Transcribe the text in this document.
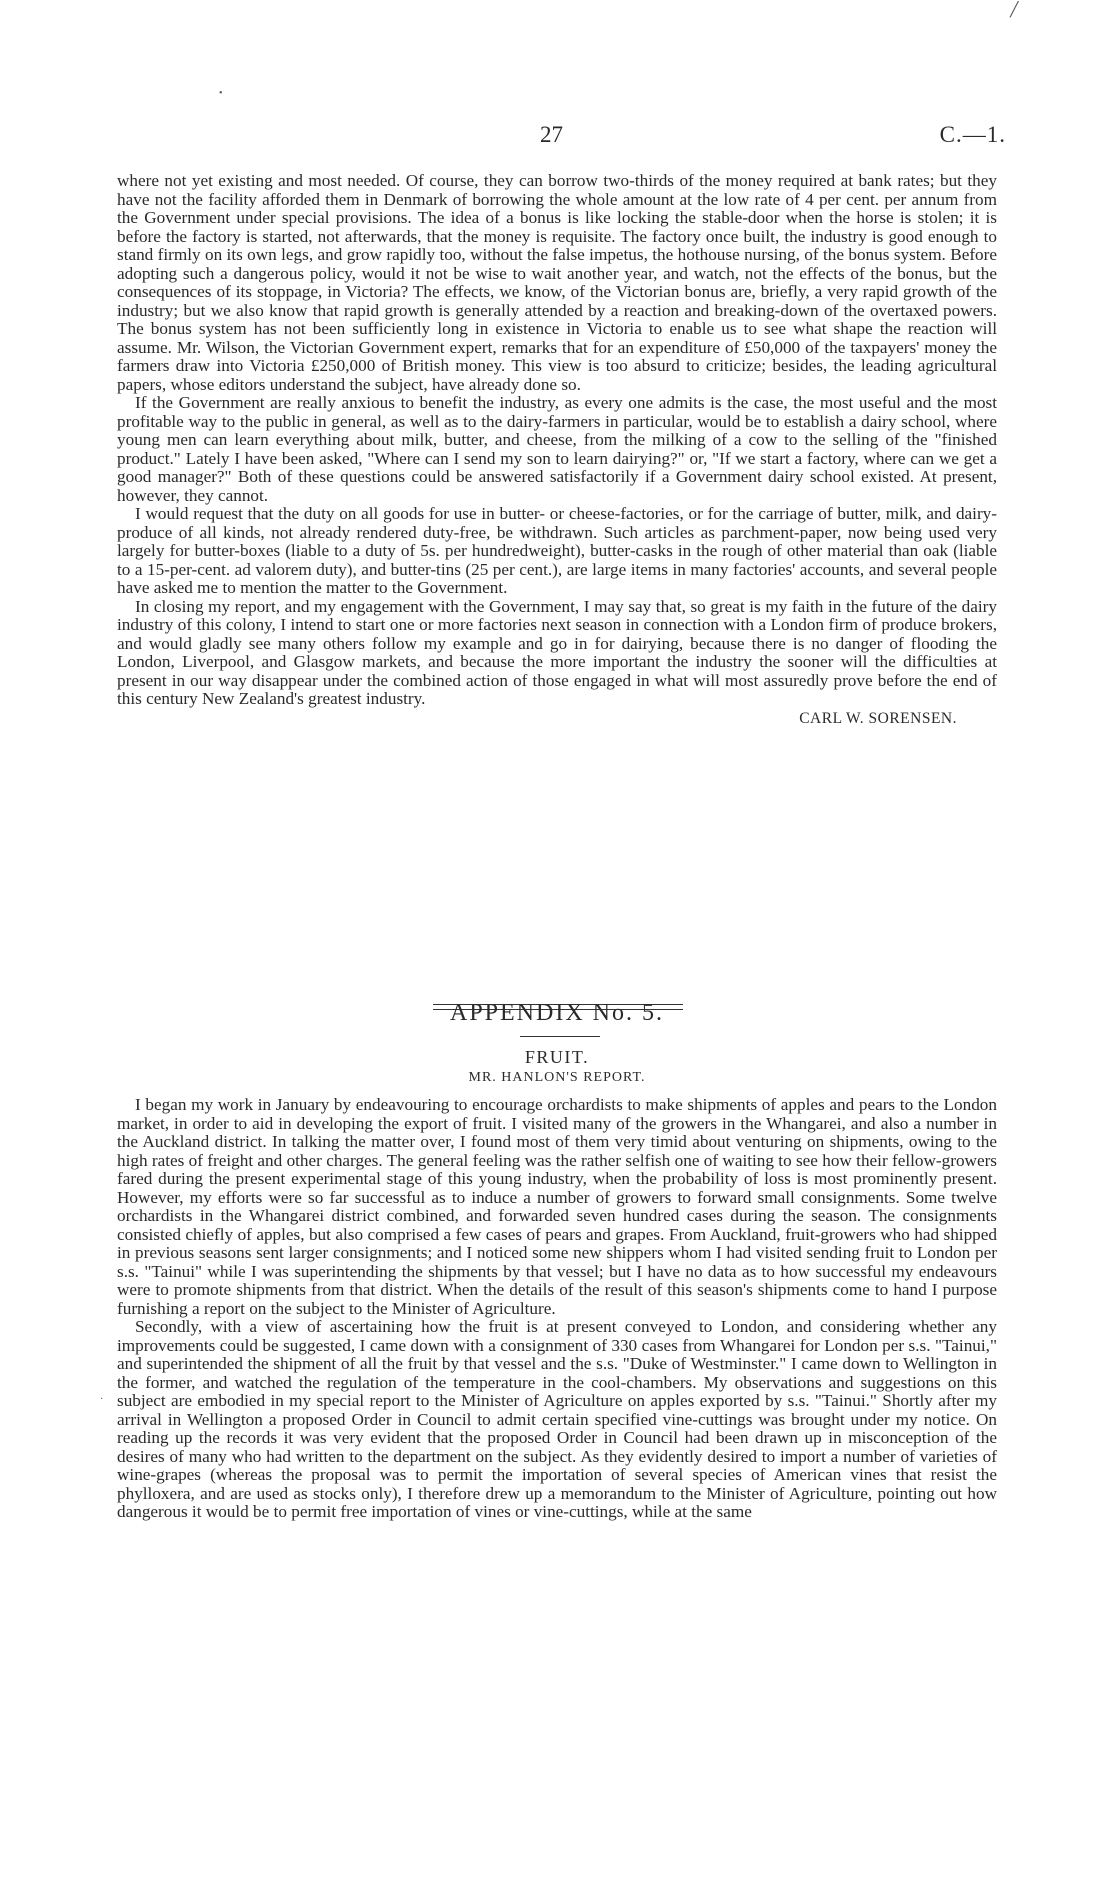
╱
•
27	C.—1.

where not yet existing and most needed. Of course, they can borrow two-thirds of the money required at bank rates; but they have not the facility afforded them in Denmark of borrowing the whole amount at the low rate of 4 per cent. per annum from the Government under special provisions. The idea of a bonus is like locking the stable-door when the horse is stolen; it is before the factory is started, not afterwards, that the money is requisite. The factory once built, the industry is good enough to stand firmly on its own legs, and grow rapidly too, without the false impetus, the hothouse nursing, of the bonus system. Before adopting such a dangerous policy, would it not be wise to wait another year, and watch, not the effects of the bonus, but the consequences of its stoppage, in Victoria? The effects, we know, of the Victorian bonus are, briefly, a very rapid growth of the industry; but we also know that rapid growth is generally attended by a reaction and breaking-down of the overtaxed powers. The bonus system has not been sufficiently long in existence in Victoria to enable us to see what shape the reaction will assume. Mr. Wilson, the Victorian Government expert, remarks that for an expenditure of £50,000 of the taxpayers' money the farmers draw into Victoria £250,000 of British money. This view is too absurd to criticize; besides, the leading agricultural papers, whose editors understand the subject, have already done so.

If the Government are really anxious to benefit the industry, as every one admits is the case, the most useful and the most profitable way to the public in general, as well as to the dairy-farmers in particular, would be to establish a dairy school, where young men can learn everything about milk, butter, and cheese, from the milking of a cow to the selling of the "finished product." Lately I have been asked, "Where can I send my son to learn dairying?" or, "If we start a factory, where can we get a good manager?" Both of these questions could be answered satisfactorily if a Government dairy school existed. At present, however, they cannot.

I would request that the duty on all goods for use in butter- or cheese-factories, or for the carriage of butter, milk, and dairy-produce of all kinds, not already rendered duty-free, be withdrawn. Such articles as parchment-paper, now being used very largely for butter-boxes (liable to a duty of 5s. per hundredweight), butter-casks in the rough of other material than oak (liable to a 15-per-cent. ad valorem duty), and butter-tins (25 per cent.), are large items in many factories' accounts, and several people have asked me to mention the matter to the Government.

In closing my report, and my engagement with the Government, I may say that, so great is my faith in the future of the dairy industry of this colony, I intend to start one or more factories next season in connection with a London firm of produce brokers, and would gladly see many others follow my example and go in for dairying, because there is no danger of flooding the London, Liverpool, and Glasgow markets, and because the more important the industry the sooner will the difficulties at present in our way disappear under the combined action of those engaged in what will most assuredly prove before the end of this century New Zealand's greatest industry.

CARL W. SORENSEN.

APPENDIX No. 5.
FRUIT.
MR. HANLON'S REPORT.

I began my work in January by endeavouring to encourage orchardists to make shipments of apples and pears to the London market, in order to aid in developing the export of fruit. I visited many of the growers in the Whangarei, and also a number in the Auckland district. In talking the matter over, I found most of them very timid about venturing on shipments, owing to the high rates of freight and other charges. The general feeling was the rather selfish one of waiting to see how their fellow-growers fared during the present experimental stage of this young industry, when the probability of loss is most prominently present. However, my efforts were so far successful as to induce a number of growers to forward small consignments. Some twelve orchardists in the Whangarei district combined, and forwarded seven hundred cases during the season. The consignments consisted chiefly of apples, but also comprised a few cases of pears and grapes. From Auckland, fruit-growers who had shipped in previous seasons sent larger consignments; and I noticed some new shippers whom I had visited sending fruit to London per s.s. "Tainui" while I was superintending the shipments by that vessel; but I have no data as to how successful my endeavours were to promote shipments from that district. When the details of the result of this season's shipments come to hand I purpose furnishing a report on the subject to the Minister of Agriculture.

Secondly, with a view of ascertaining how the fruit is at present conveyed to London, and considering whether any improvements could be suggested, I came down with a consignment of 330 cases from Whangarei for London per s.s. "Tainui," and superintended the shipment of all the fruit by that vessel and the s.s. "Duke of Westminster." I came down to Wellington in the former, and watched the regulation of the temperature in the cool-chambers. My observations and suggestions on this subject are embodied in my special report to the Minister of Agriculture on apples exported by s.s. "Tainui." Shortly after my arrival in Wellington a proposed Order in Council to admit certain specified vine-cuttings was brought under my notice. On reading up the records it was very evident that the proposed Order in Council had been drawn up in misconception of the desires of many who had written to the department on the subject. As they evidently desired to import a number of varieties of wine-grapes (whereas the proposal was to permit the importation of several species of American vines that resist the phylloxera, and are used as stocks only), I therefore drew up a memorandum to the Minister of Agriculture, pointing out how dangerous it would be to permit free importation of vines or vine-cuttings, while at the same

·
